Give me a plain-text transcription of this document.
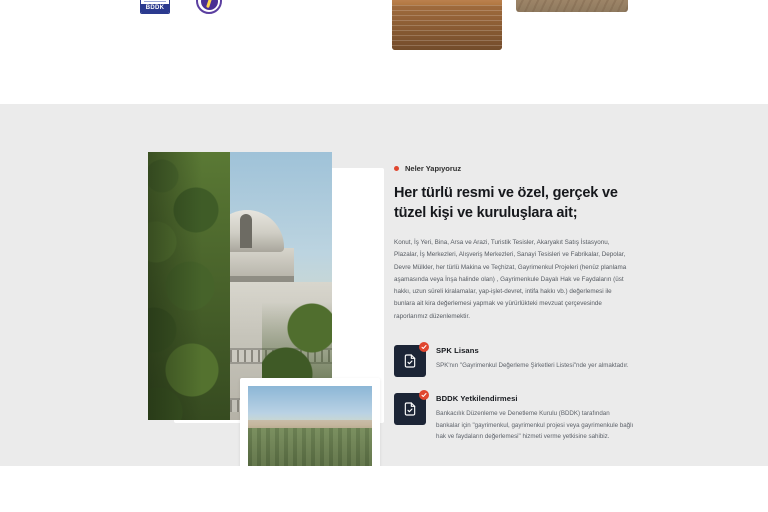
BDDK
Neler Yapıyoruz
Her türlü resmi ve özel, gerçek ve tüzel kişi ve kuruluşlara ait;

Konut, İş Yeri, Bina, Arsa ve Arazi, Turistik Tesisler, Akaryakıt Satış İstasyonu, Plazalar, İş Merkezleri, Alışveriş Merkezleri, Sanayi Tesisleri ve Fabrikalar, Depolar, Devre Mülkler, her türlü Makina ve Teçhizat, Gayrimenkul Projeleri (henüz planlama aşamasında veya İnşa halinde olan) , Gayrimenkule Dayalı Hak ve Faydaların (üst hakkı, uzun süreli kiralamalar, yap-işlet-devret, intifa hakkı vb.) değerlemesi ile bunlara ait kira değerlemesi yapmak ve yürürlükteki mevzuat çerçevesinde raporlarımız düzenlemektir.

SPK Lisans

SPK'nın "Gayrimenkul Değerleme Şirketleri Listesi"nde yer almaktadır.

BDDK Yetkilendirmesi

Bankacılık Düzenleme ve Denetleme Kurulu (BDDK) tarafından bankalar için "gayrimenkul, gayrimenkul projesi veya gayrimenkule bağlı hak ve faydaların değerlemesi" hizmeti verme yetkisine sahibiz.
